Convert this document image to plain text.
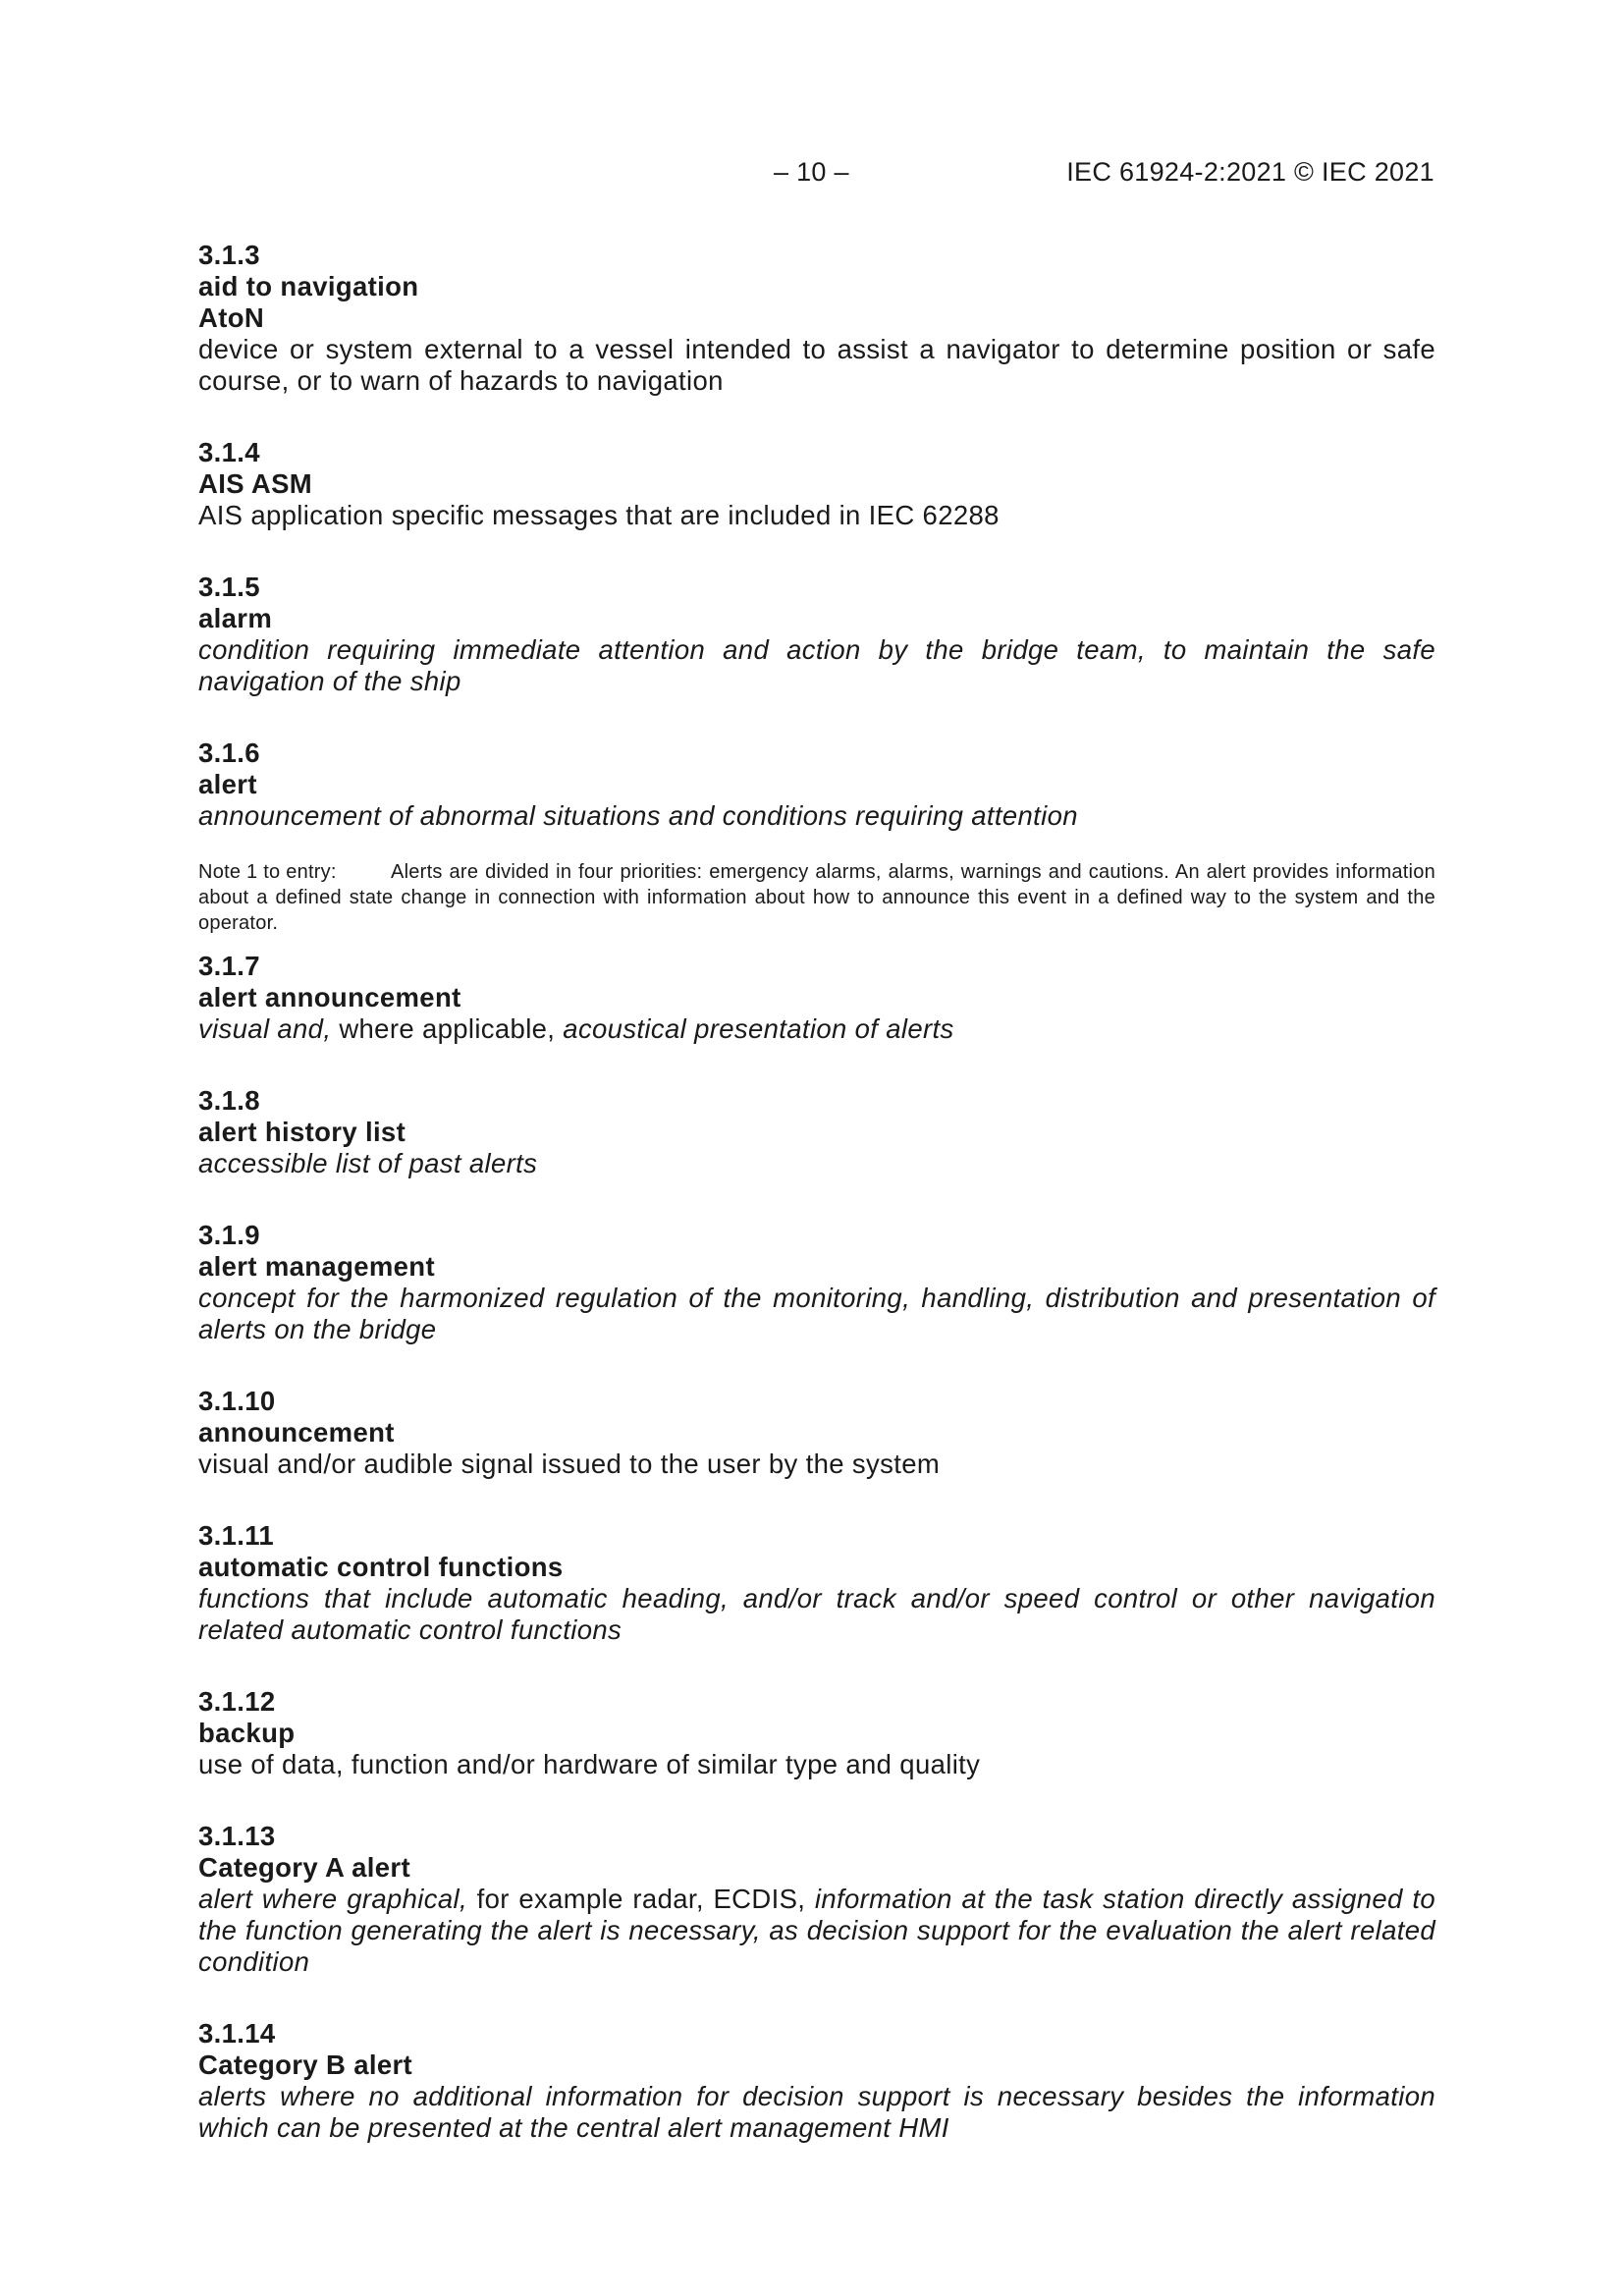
– 10 –	IEC 61924-2:2021 © IEC 2021
3.1.3
aid to navigation
AtoN
device or system external to a vessel intended to assist a navigator to determine position or safe course, or to warn of hazards to navigation
3.1.4
AIS ASM
AIS application specific messages that are included in IEC 62288
3.1.5
alarm
condition requiring immediate attention and action by the bridge team, to maintain the safe navigation of the ship
3.1.6
alert
announcement of abnormal situations and conditions requiring attention
Note 1 to entry:	Alerts are divided in four priorities: emergency alarms, alarms, warnings and cautions. An alert provides information about a defined state change in connection with information about how to announce this event in a defined way to the system and the operator.
3.1.7
alert announcement
visual and, where applicable, acoustical presentation of alerts
3.1.8
alert history list
accessible list of past alerts
3.1.9
alert management
concept for the harmonized regulation of the monitoring, handling, distribution and presentation of alerts on the bridge
3.1.10
announcement
visual and/or audible signal issued to the user by the system
3.1.11
automatic control functions
functions that include automatic heading, and/or track and/or speed control or other navigation related automatic control functions
3.1.12
backup
use of data, function and/or hardware of similar type and quality
3.1.13
Category A alert
alert where graphical, for example radar, ECDIS, information at the task station directly assigned to the function generating the alert is necessary, as decision support for the evaluation the alert related condition
3.1.14
Category B alert
alerts where no additional information for decision support is necessary besides the information which can be presented at the central alert management HMI
